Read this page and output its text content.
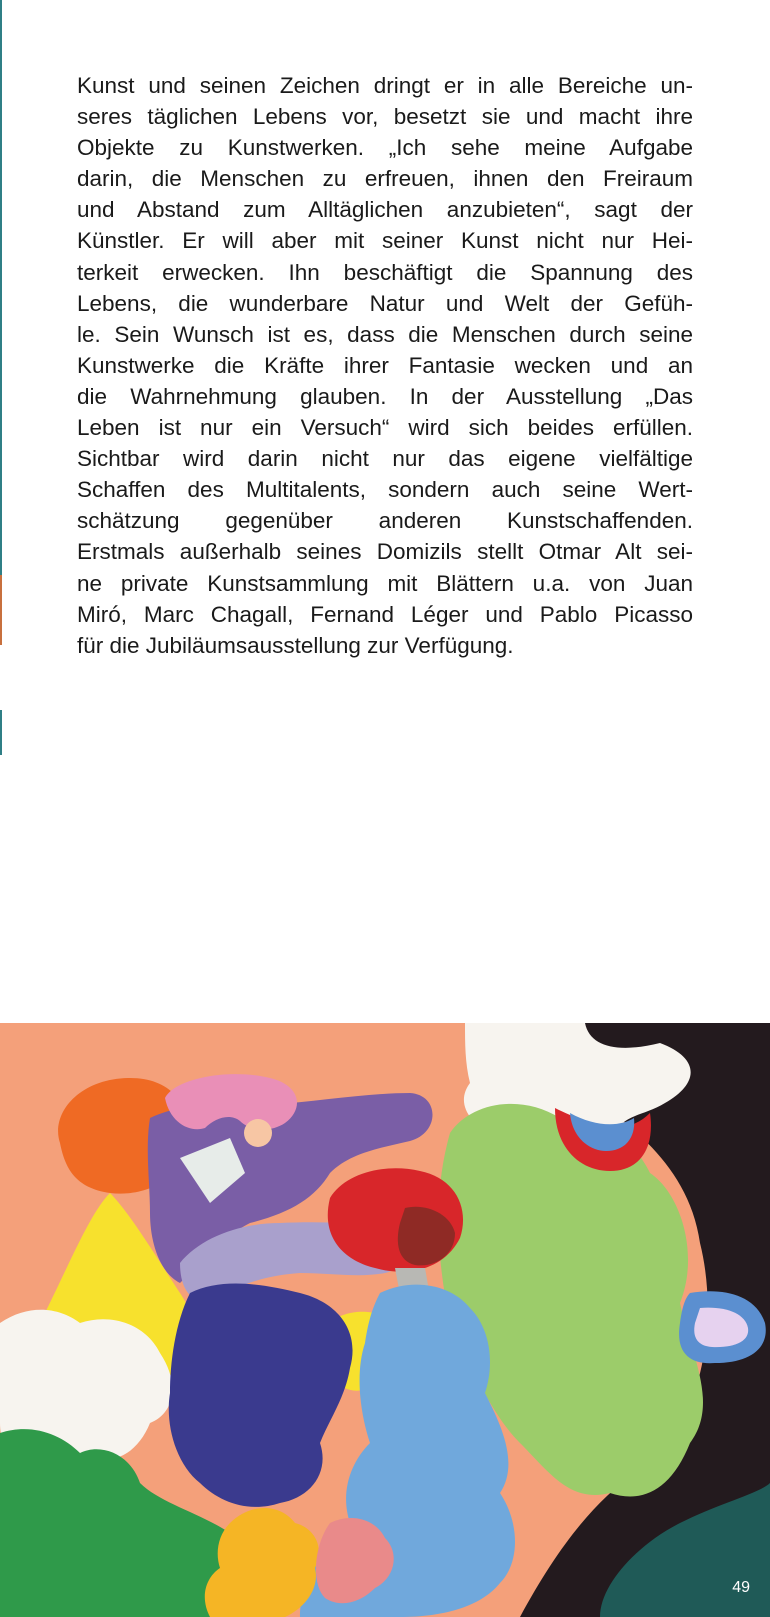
Kunst und seinen Zeichen dringt er in alle Bereiche un-
seres täglichen Lebens vor, besetzt sie und macht ihre
Objekte zu Kunstwerken. „Ich sehe meine Aufgabe
darin, die Menschen zu erfreuen, ihnen den Freiraum
und Abstand zum Alltäglichen anzubieten“, sagt der
Künstler. Er will aber mit seiner Kunst nicht nur Hei-
terkeit erwecken. Ihn beschäftigt die Spannung des
Lebens, die wunderbare Natur und Welt der Gefüh-
le. Sein Wunsch ist es, dass die Menschen durch seine
Kunstwerke die Kräfte ihrer Fantasie wecken und an
die Wahrnehmung glauben. In der Ausstellung „Das
Leben ist nur ein Versuch“ wird sich beides erfüllen.
Sichtbar wird darin nicht nur das eigene vielfältige
Schaffen des Multitalents, sondern auch seine Wert-
schätzung gegenüber anderen Kunstschaffenden.
Erstmals außerhalb seines Domizils stellt Otmar Alt sei-
ne private Kunstsammlung mit Blättern u.a. von Juan
Miró, Marc Chagall, Fernand Léger und Pablo Picasso
für die Jubiläumsausstellung zur Verfügung.

49
